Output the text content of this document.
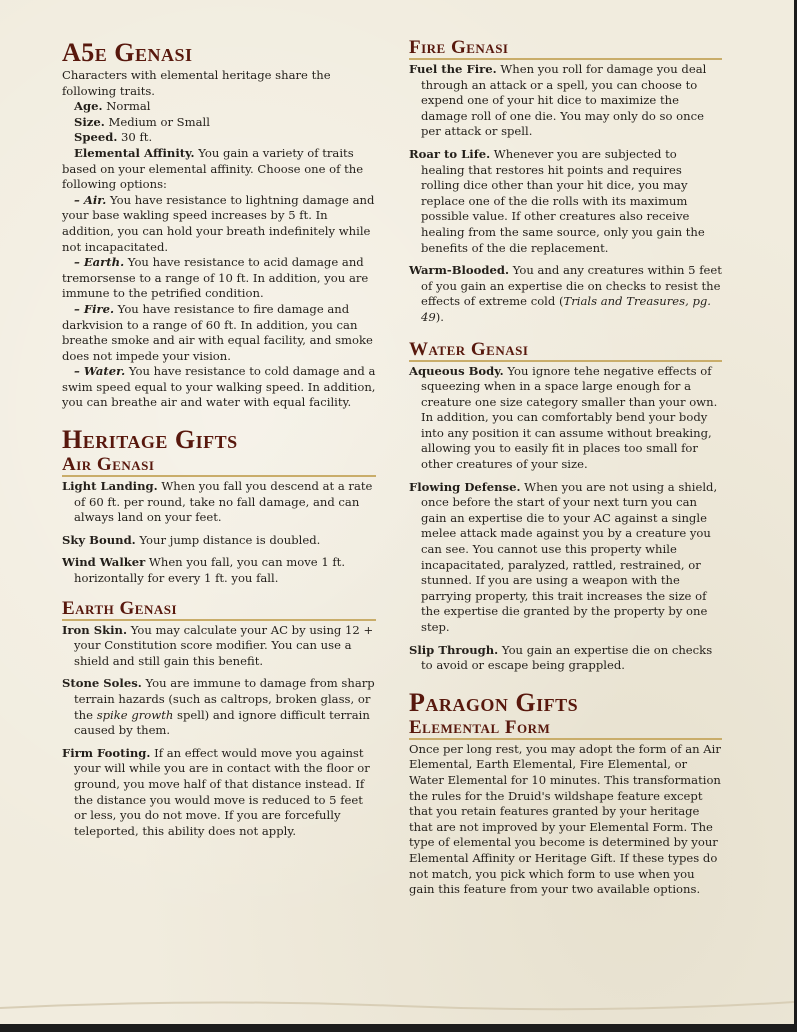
A5e Genasi

Characters with elemental heritage share the following traits.

Age. Normal

Size. Medium or Small

Speed. 30 ft.

Elemental Affinity. You gain a variety of traits based on your elemental affinity. Choose one of the following options:

– Air. You have resistance to lightning damage and your base wakling speed increases by 5 ft. In addition, you can hold your breath indefinitely while not incapacitated.

– Earth. You have resistance to acid damage and tremorsense to a range of 10 ft. In addition, you are immune to the petrified condition.

– Fire. You have resistance to fire damage and darkvision to a range of 60 ft. In addition, you can breathe smoke and air with equal facility, and smoke does not impede your vision.

– Water. You have resistance to cold damage and a swim speed equal to your walking speed. In addition, you can breathe air and water with equal facility.

Heritage Gifts
Air Genasi

Light Landing. When you fall you descend at a rate of 60 ft. per round, take no fall damage, and can always land on your feet.

Sky Bound. Your jump distance is doubled.

Wind Walker When you fall, you can move 1 ft. horizontally for every 1 ft. you fall.

Earth Genasi

Iron Skin. You may calculate your AC by using 12 + your Constitution score modifier. You can use a shield and still gain this benefit.

Stone Soles. You are immune to damage from sharp terrain hazards (such as caltrops, broken glass, or the spike growth spell) and ignore difficult terrain caused by them.

Firm Footing. If an effect would move you against your will while you are in contact with the floor or ground, you move half of that distance instead. If the distance you would move is reduced to 5 feet or less, you do not move. If you are forcefully teleported, this ability does not apply.

Fire Genasi

Fuel the Fire. When you roll for damage you deal through an attack or a spell, you can choose to expend one of your hit dice to maximize the damage roll of one die. You may only do so once per attack or spell.

Roar to Life. Whenever you are subjected to healing that restores hit points and requires rolling dice other than your hit dice, you may replace one of the die rolls with its maximum possible value. If other creatures also receive healing from the same source, only you gain the benefits of the die replacement.

Warm-Blooded. You and any creatures within 5 feet of you gain an expertise die on checks to resist the effects of extreme cold (Trials and Treasures, pg. 49).

Water Genasi

Aqueous Body. You ignore tehe negative effects of squeezing when in a space large enough for a creature one size category smaller than your own. In addition, you can comfortably bend your body into any position it can assume without breaking, allowing you to easily fit in places too small for other creatures of your size.

Flowing Defense. When you are not using a shield, once before the start of your next turn you can gain an expertise die to your AC against a single melee attack made against you by a creature you can see. You cannot use this property while incapacitated, paralyzed, rattled, restrained, or stunned. If you are using a weapon with the parrying property, this trait increases the size of the expertise die granted by the property by one step.

Slip Through. You gain an expertise die on checks to avoid or escape being grappled.

Paragon Gifts
Elemental Form

Once per long rest, you may adopt the form of an Air Elemental, Earth Elemental, Fire Elemental, or Water Elemental for 10 minutes. This transformation the rules for the Druid's wildshape feature except that you retain features granted by your heritage that are not improved by your Elemental Form. The type of elemental you become is determined by your Elemental Affinity or Heritage Gift. If these types do not match, you pick which form to use when you gain this feature from your two available options.
